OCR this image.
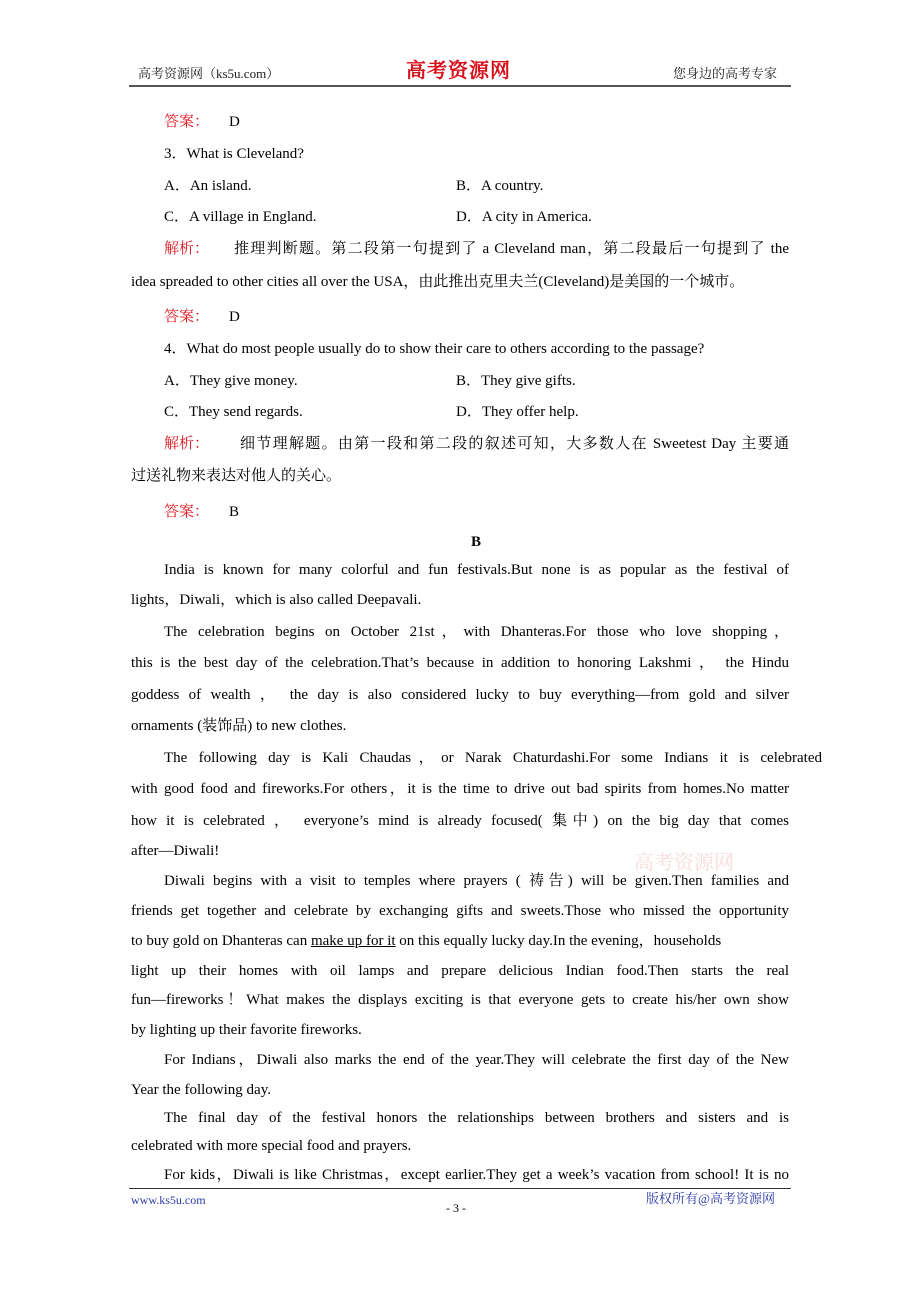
高考资源网（ks5u.com）	高考资源网	您身边的高考专家
答案： D
3．What is Cleveland?
A．An island.	B．A country.
C．A village in England.	D．A city in America.
解析： 推理判断题。第二段第一句提到了 a Cleveland man，第二段最后一句提到了 the
idea spreaded to other cities all over the USA，由此推出克里夫兰(Cleveland)是美国的一个城市。
答案： D
4．What do most people usually do to show their care to others according to the passage?
A．They give money.	B．They give gifts.
C．They send regards.	D．They offer help.
解析： 细节理解题。由第一段和第二段的叙述可知，大多数人在 Sweetest Day 主要通
过送礼物来表达对他人的关心。
答案： B
B
India is known for many colorful and fun festivals.But none is as popular as the festival of
lights，Diwali，which is also called Deepavali.
The celebration begins on October 21st，with Dhanteras.For those who love shopping，
this is the best day of the celebration.That’s because in addition to honoring Lakshmi ， the Hindu
goddess of wealth ， the day is also considered lucky to buy everything—from gold and silver
ornaments (装饰品) to new clothes.
The following day is Kali Chaudas，or Narak Chaturdashi.For some Indians it is celebrated
with good food and fireworks.For others，it is the time to drive out bad spirits from homes.No matter
how it is celebrated ， everyone’s mind is already focused( 集中) on the big day that comes
after—Diwali!
Diwali begins with a visit to temples where prayers ( 祷告) will be given.Then families and
friends get together and celebrate by exchanging gifts and sweets.Those who missed the opportunity
to buy gold on Dhanteras can make up for it on this equally lucky day.In the evening，households
light up their homes with oil lamps and prepare delicious Indian food.Then starts the real
fun—fireworks！What makes the displays exciting is that everyone gets to create his/her own show
by lighting up their favorite fireworks.
For Indians，Diwali also marks the end of the year.They will celebrate the first day of the New
Year the following day.
The final day of the festival honors the relationships between brothers and sisters and is
celebrated with more special food and prayers.
For kids，Diwali is like Christmas，except earlier.They get a week’s vacation from school! It is no
高考资源网
www.ks5u.com
- 3 -
版权所有@高考资源网
